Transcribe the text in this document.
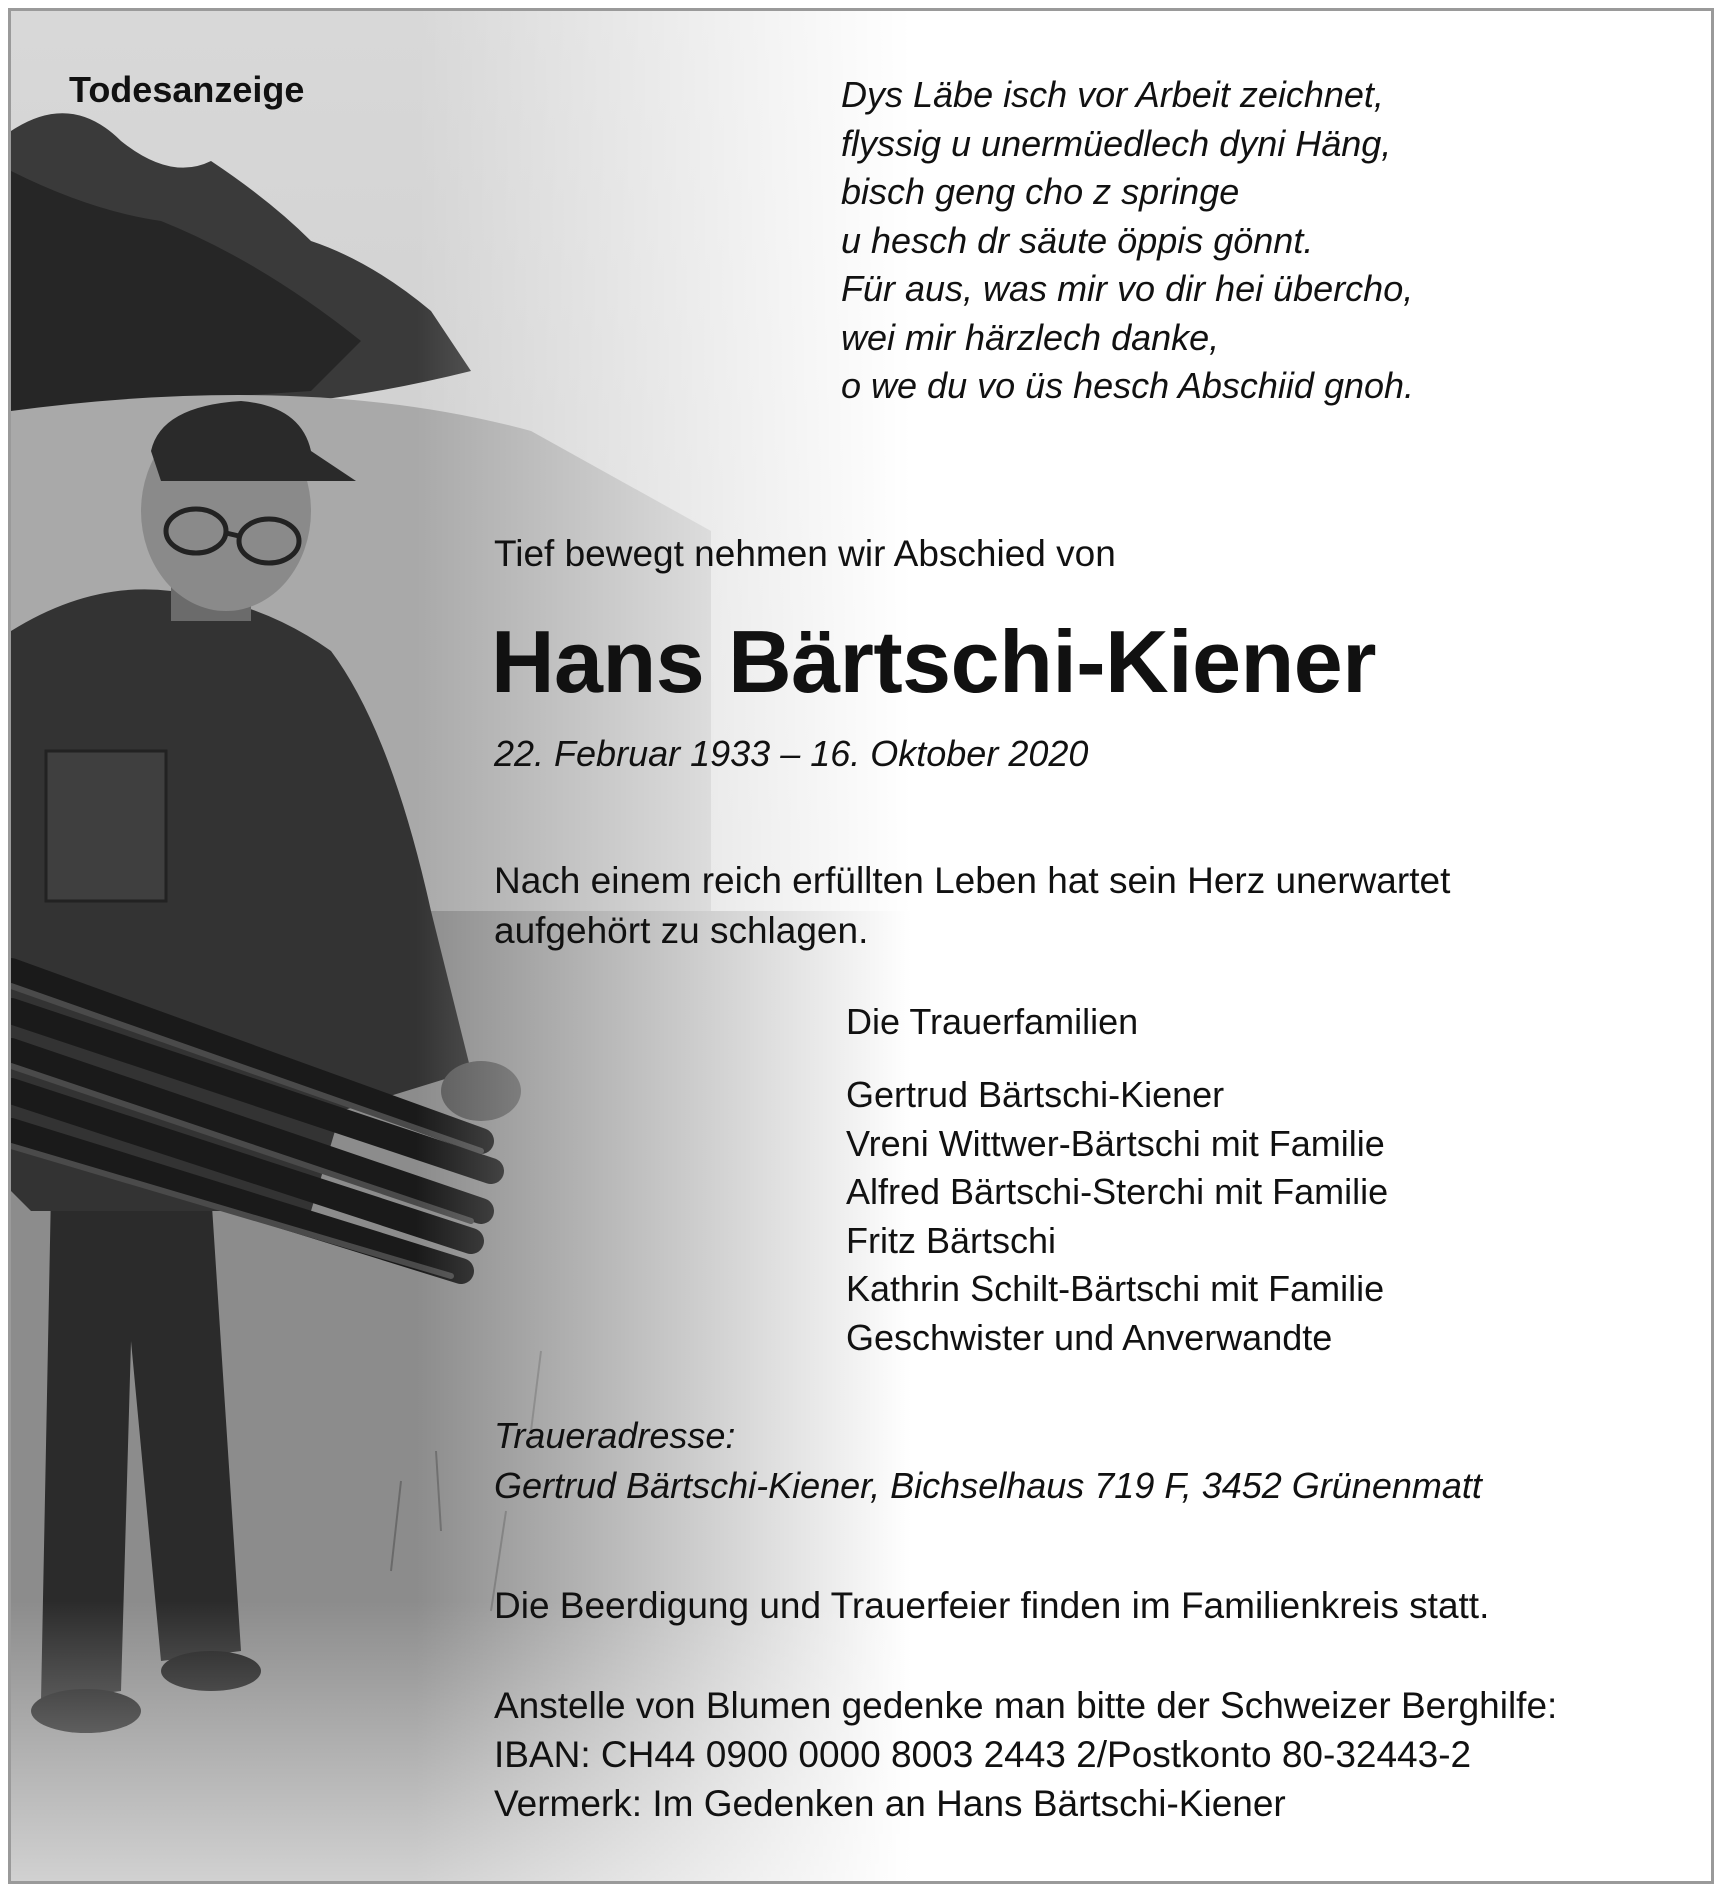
Todesanzeige	Dys Läbe isch vor Arbeit zeichnet,
flyssig u unermüedlech dyni Häng,
bisch geng cho z springe
u hesch dr säute öppis gönnt.
Für aus, was mir vo dir hei übercho,
wei mir härzlech danke,
o we du vo üs hesch Abschiid gnoh.
Tief bewegt nehmen wir Abschied von
Hans Bärtschi-Kiener
22. Februar 1933 – 16. Oktober 2020
Nach einem reich erfüllten Leben hat sein Herz unerwartet
aufgehört zu schlagen.
Die Trauerfamilien
Gertrud Bärtschi-Kiener
Vreni Wittwer-Bärtschi mit Familie
Alfred Bärtschi-Sterchi mit Familie
Fritz Bärtschi
Kathrin Schilt-Bärtschi mit Familie
Geschwister und Anverwandte
Traueradresse:
Gertrud Bärtschi-Kiener, Bichselhaus 719 F, 3452 Grünenmatt
Die Beerdigung und Trauerfeier finden im Familienkreis statt.
Anstelle von Blumen gedenke man bitte der Schweizer Berghilfe:
IBAN: CH44 0900 0000 8003 2443 2/Postkonto 80-32443-2
Vermerk: Im Gedenken an Hans Bärtschi-Kiener
